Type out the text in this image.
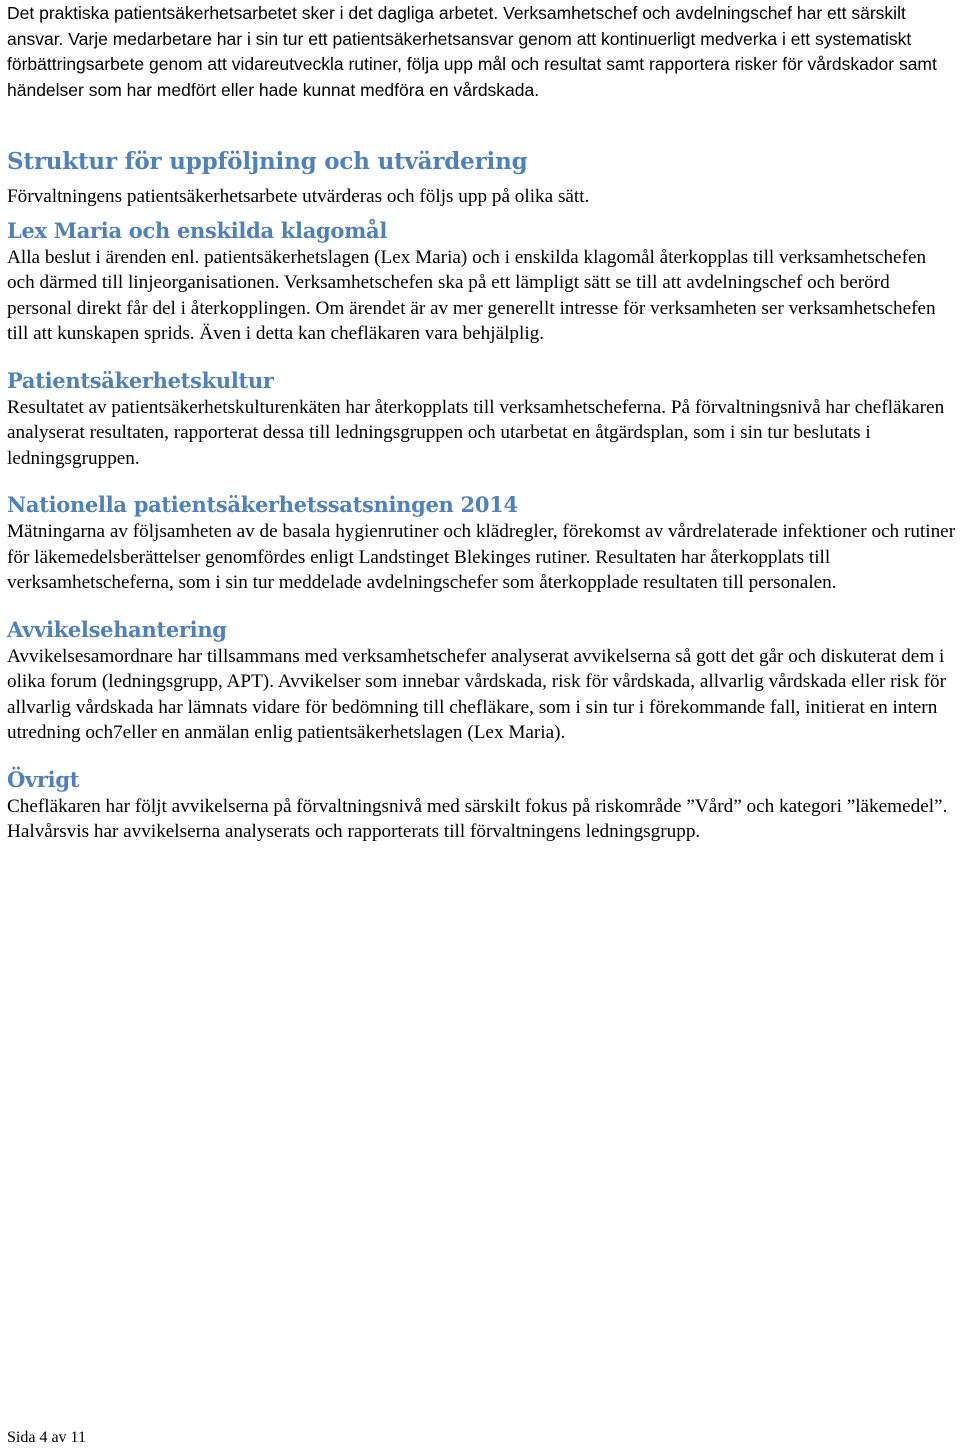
Det praktiska patientsäkerhetsarbetet sker i det dagliga arbetet. Verksamhetschef och avdelningschef har ett särskilt ansvar. Varje medarbetare har i sin tur ett patientsäkerhetsansvar genom att kontinuerligt medverka i ett systematiskt förbättringsarbete genom att vidareutveckla rutiner, följa upp mål och resultat samt rapportera risker för vårdskador samt händelser som har medfört eller hade kunnat medföra en vårdskada.

Struktur för uppföljning och utvärdering

Förvaltningens patientsäkerhetsarbete utvärderas och följs upp på olika sätt.

Lex Maria och enskilda klagomål

Alla beslut i ärenden enl. patientsäkerhetslagen (Lex Maria) och i enskilda klagomål återkopplas till verksamhetschefen och därmed till linjeorganisationen. Verksamhetschefen ska på ett lämpligt sätt se till att avdelningschef och berörd personal direkt får del i återkopplingen. Om ärendet är av mer generellt intresse för verksamheten ser verksamhetschefen till att kunskapen sprids. Även i detta kan chefläkaren vara behjälplig.

Patientsäkerhetskultur

Resultatet av patientsäkerhetskulturenkäten har återkopplats till verksamhetscheferna. På förvaltningsnivå har chefläkaren analyserat resultaten, rapporterat dessa till ledningsgruppen och utarbetat en åtgärdsplan, som i sin tur beslutats i ledningsgruppen.

Nationella patientsäkerhetssatsningen 2014

Mätningarna av följsamheten av de basala hygienrutiner och klädregler, förekomst av vårdrelaterade infektioner och rutiner för läkemedelsberättelser genomfördes enligt Landstinget Blekinges rutiner. Resultaten har återkopplats till verksamhetscheferna, som i sin tur meddelade avdelningschefer som återkopplade resultaten till personalen.

Avvikelsehantering

Avvikelsesamordnare har tillsammans med verksamhetschefer analyserat avvikelserna så gott det går och diskuterat dem i olika forum (ledningsgrupp, APT). Avvikelser som innebar vårdskada, risk för vårdskada, allvarlig vårdskada eller risk för allvarlig vårdskada har lämnats vidare för bedömning till chefläkare, som i sin tur i förekommande fall, initierat en intern utredning och7eller en anmälan enlig patientsäkerhetslagen (Lex Maria).

Övrigt

Chefläkaren har följt avvikelserna på förvaltningsnivå med särskilt fokus på riskområde ”Vård” och kategori ”läkemedel”. Halvårsvis har avvikelserna analyserats och rapporterats till förvaltningens ledningsgrupp.

Sida 4 av 11
